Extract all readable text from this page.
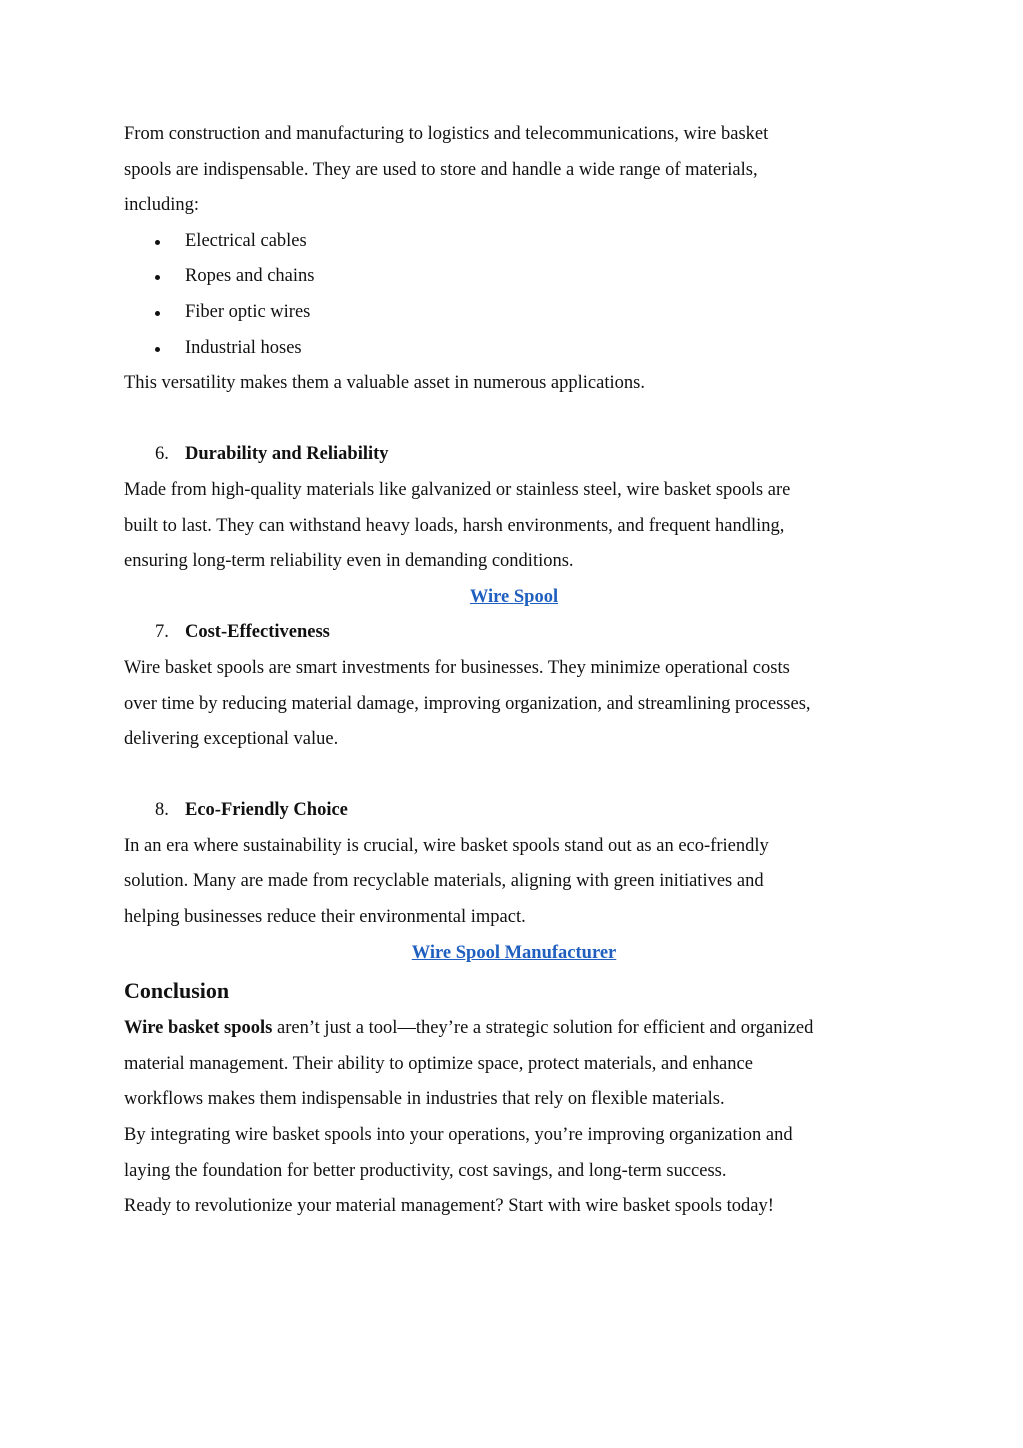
From construction and manufacturing to logistics and telecommunications, wire basket

spools are indispensable. They are used to store and handle a wide range of materials,

including:

Electrical cables
Ropes and chains
Fiber optic wires
Industrial hoses

This versatility makes them a valuable asset in numerous applications.

6. Durability and Reliability

Made from high-quality materials like galvanized or stainless steel, wire basket spools are

built to last. They can withstand heavy loads, harsh environments, and frequent handling,

ensuring long-term reliability even in demanding conditions.

Wire Spool

7. Cost-Effectiveness

Wire basket spools are smart investments for businesses. They minimize operational costs

over time by reducing material damage, improving organization, and streamlining processes,

delivering exceptional value.

8. Eco-Friendly Choice

In an era where sustainability is crucial, wire basket spools stand out as an eco-friendly

solution. Many are made from recyclable materials, aligning with green initiatives and

helping businesses reduce their environmental impact.

Wire Spool Manufacturer

Conclusion

Wire basket spools aren’t just a tool—they’re a strategic solution for efficient and organized

material management. Their ability to optimize space, protect materials, and enhance

workflows makes them indispensable in industries that rely on flexible materials.

By integrating wire basket spools into your operations, you’re improving organization and

laying the foundation for better productivity, cost savings, and long-term success.

Ready to revolutionize your material management? Start with wire basket spools today!
